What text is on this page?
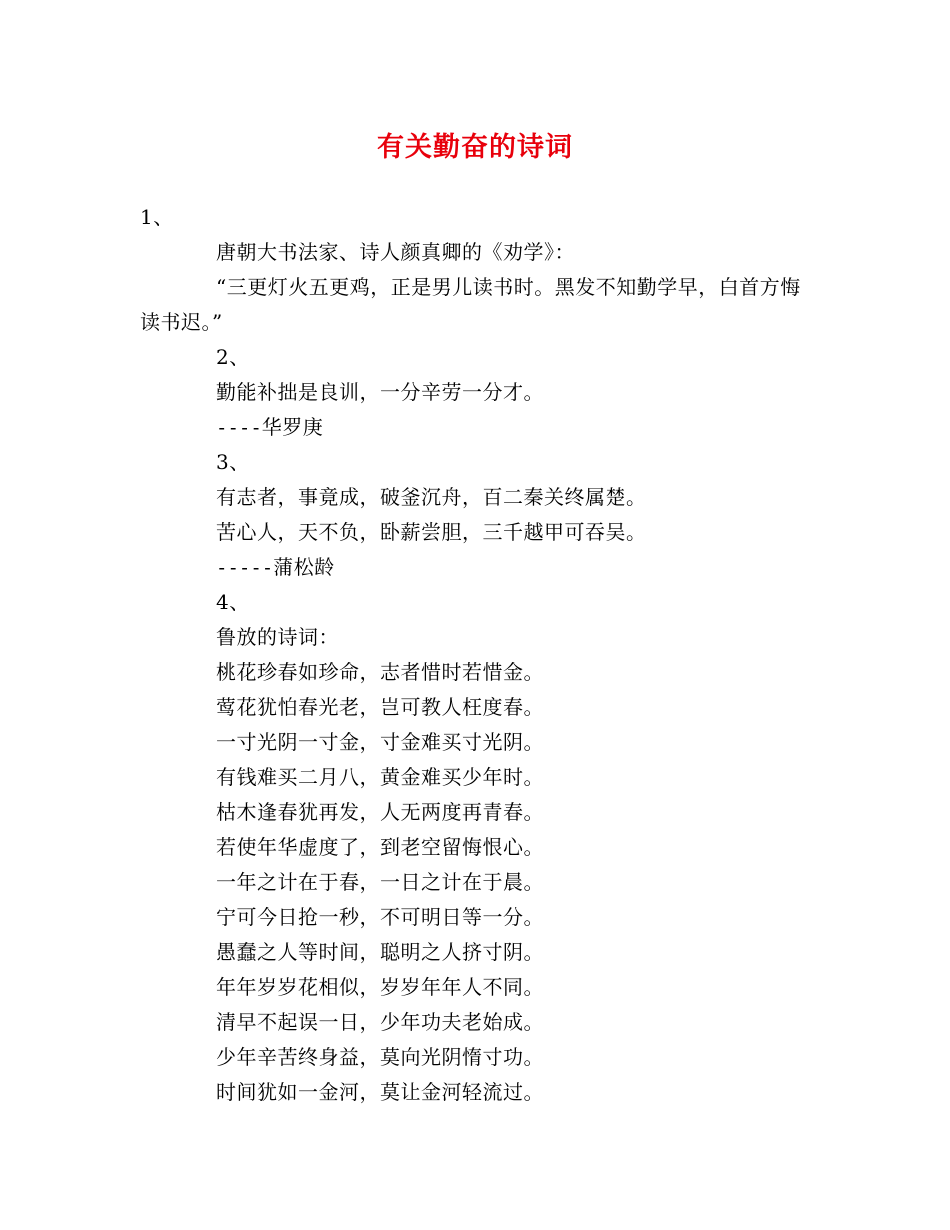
有关勤奋的诗词
1、
唐朝大书法家、诗人颜真卿的《劝学》：
“三更灯火五更鸡，正是男儿读书时。黑发不知勤学早，白首方悔读书迟。”
2、
勤能补拙是良训，一分辛劳一分才。
----华罗庚
3、
有志者，事竟成，破釜沉舟，百二秦关终属楚。
苦心人，天不负，卧薪尝胆，三千越甲可吞吴。
-----蒲松龄
4、
鲁放的诗词：
桃花珍春如珍命，志者惜时若惜金。
莺花犹怕春光老，岂可教人枉度春。
一寸光阴一寸金，寸金难买寸光阴。
有钱难买二月八，黄金难买少年时。
枯木逢春犹再发，人无两度再青春。
若使年华虚度了，到老空留悔恨心。
一年之计在于春，一日之计在于晨。
宁可今日抢一秒，不可明日等一分。
愚蠢之人等时间，聪明之人挤寸阴。
年年岁岁花相似，岁岁年年人不同。
清早不起误一日，少年功夫老始成。
少年辛苦终身益，莫向光阴惰寸功。
时间犹如一金河，莫让金河轻流过。
